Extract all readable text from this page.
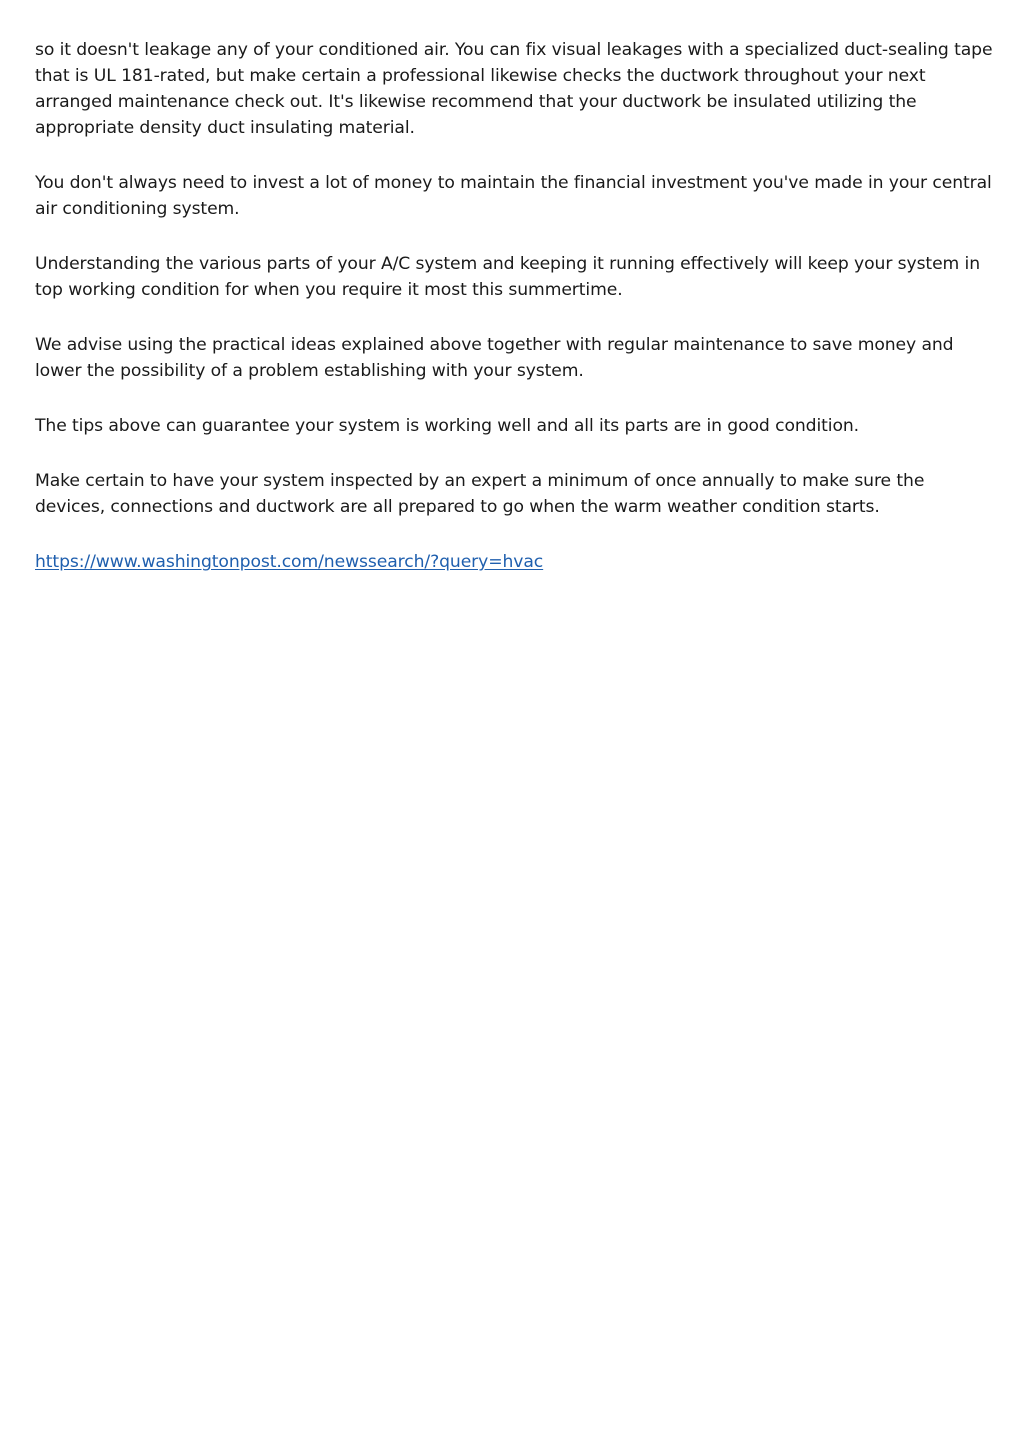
so it doesn't leakage any of your conditioned air. You can fix visual leakages with a specialized duct-sealing tape that is UL 181-rated, but make certain a professional likewise checks the ductwork throughout your next arranged maintenance check out. It's likewise recommend that your ductwork be insulated utilizing the appropriate density duct insulating material.

You don't always need to invest a lot of money to maintain the financial investment you've made in your central air conditioning system.

Understanding the various parts of your A/C system and keeping it running effectively will keep your system in top working condition for when you require it most this summertime.

We advise using the practical ideas explained above together with regular maintenance to save money and lower the possibility of a problem establishing with your system.

The tips above can guarantee your system is working well and all its parts are in good condition.

Make certain to have your system inspected by an expert a minimum of once annually to make sure the devices, connections and ductwork are all prepared to go when the warm weather condition starts.

https://www.washingtonpost.com/newssearch/?query=hvac
